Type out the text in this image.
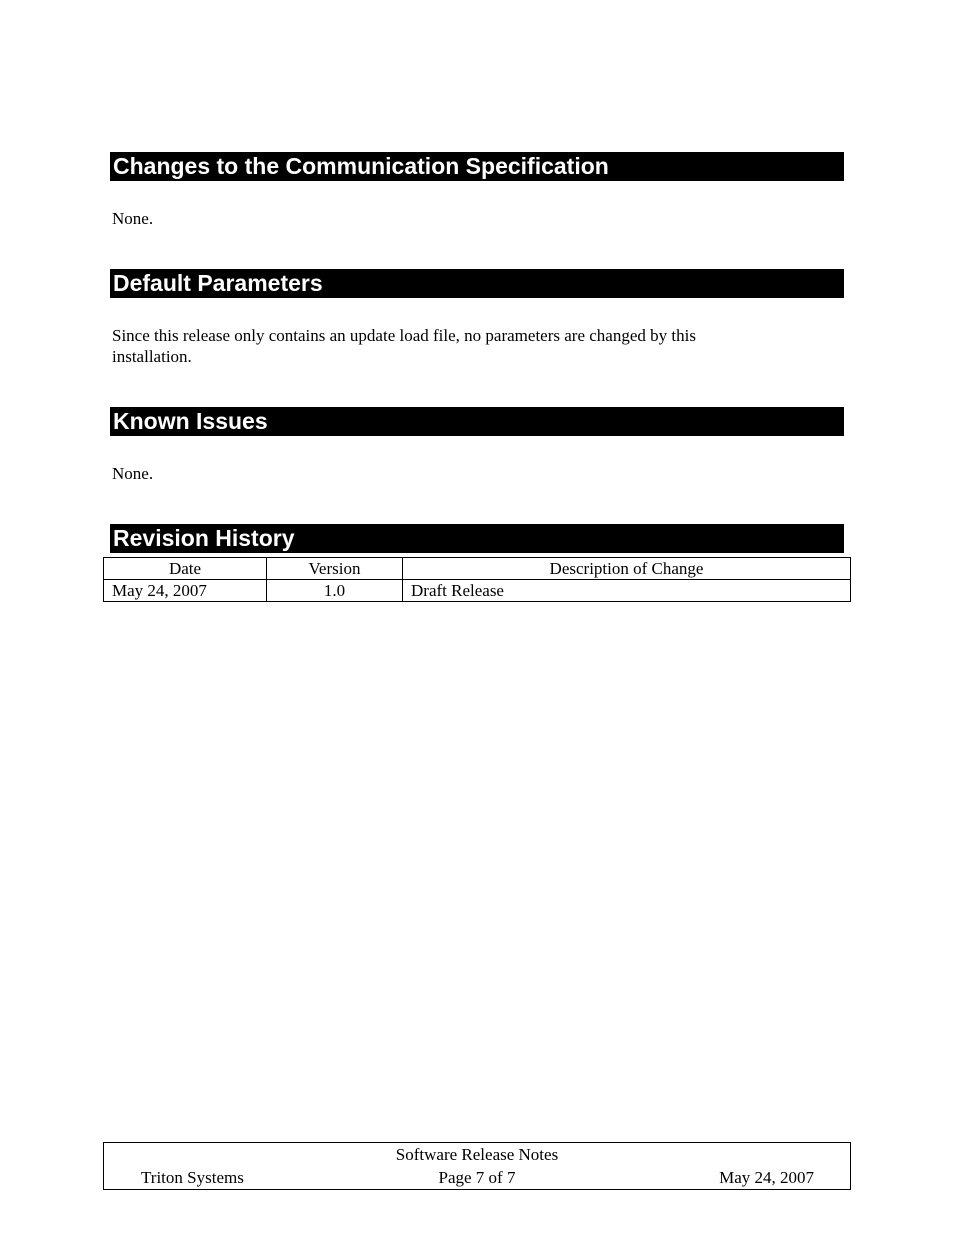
Changes to the Communication Specification
None.
Default Parameters
Since this release only contains an update load file, no parameters are changed by this
installation.
Known Issues
None.
Revision History
Date	Version	Description of Change
May 24, 2007	1.0	Draft Release
Software Release Notes
Triton Systems	Page 7 of 7	May 24, 2007
